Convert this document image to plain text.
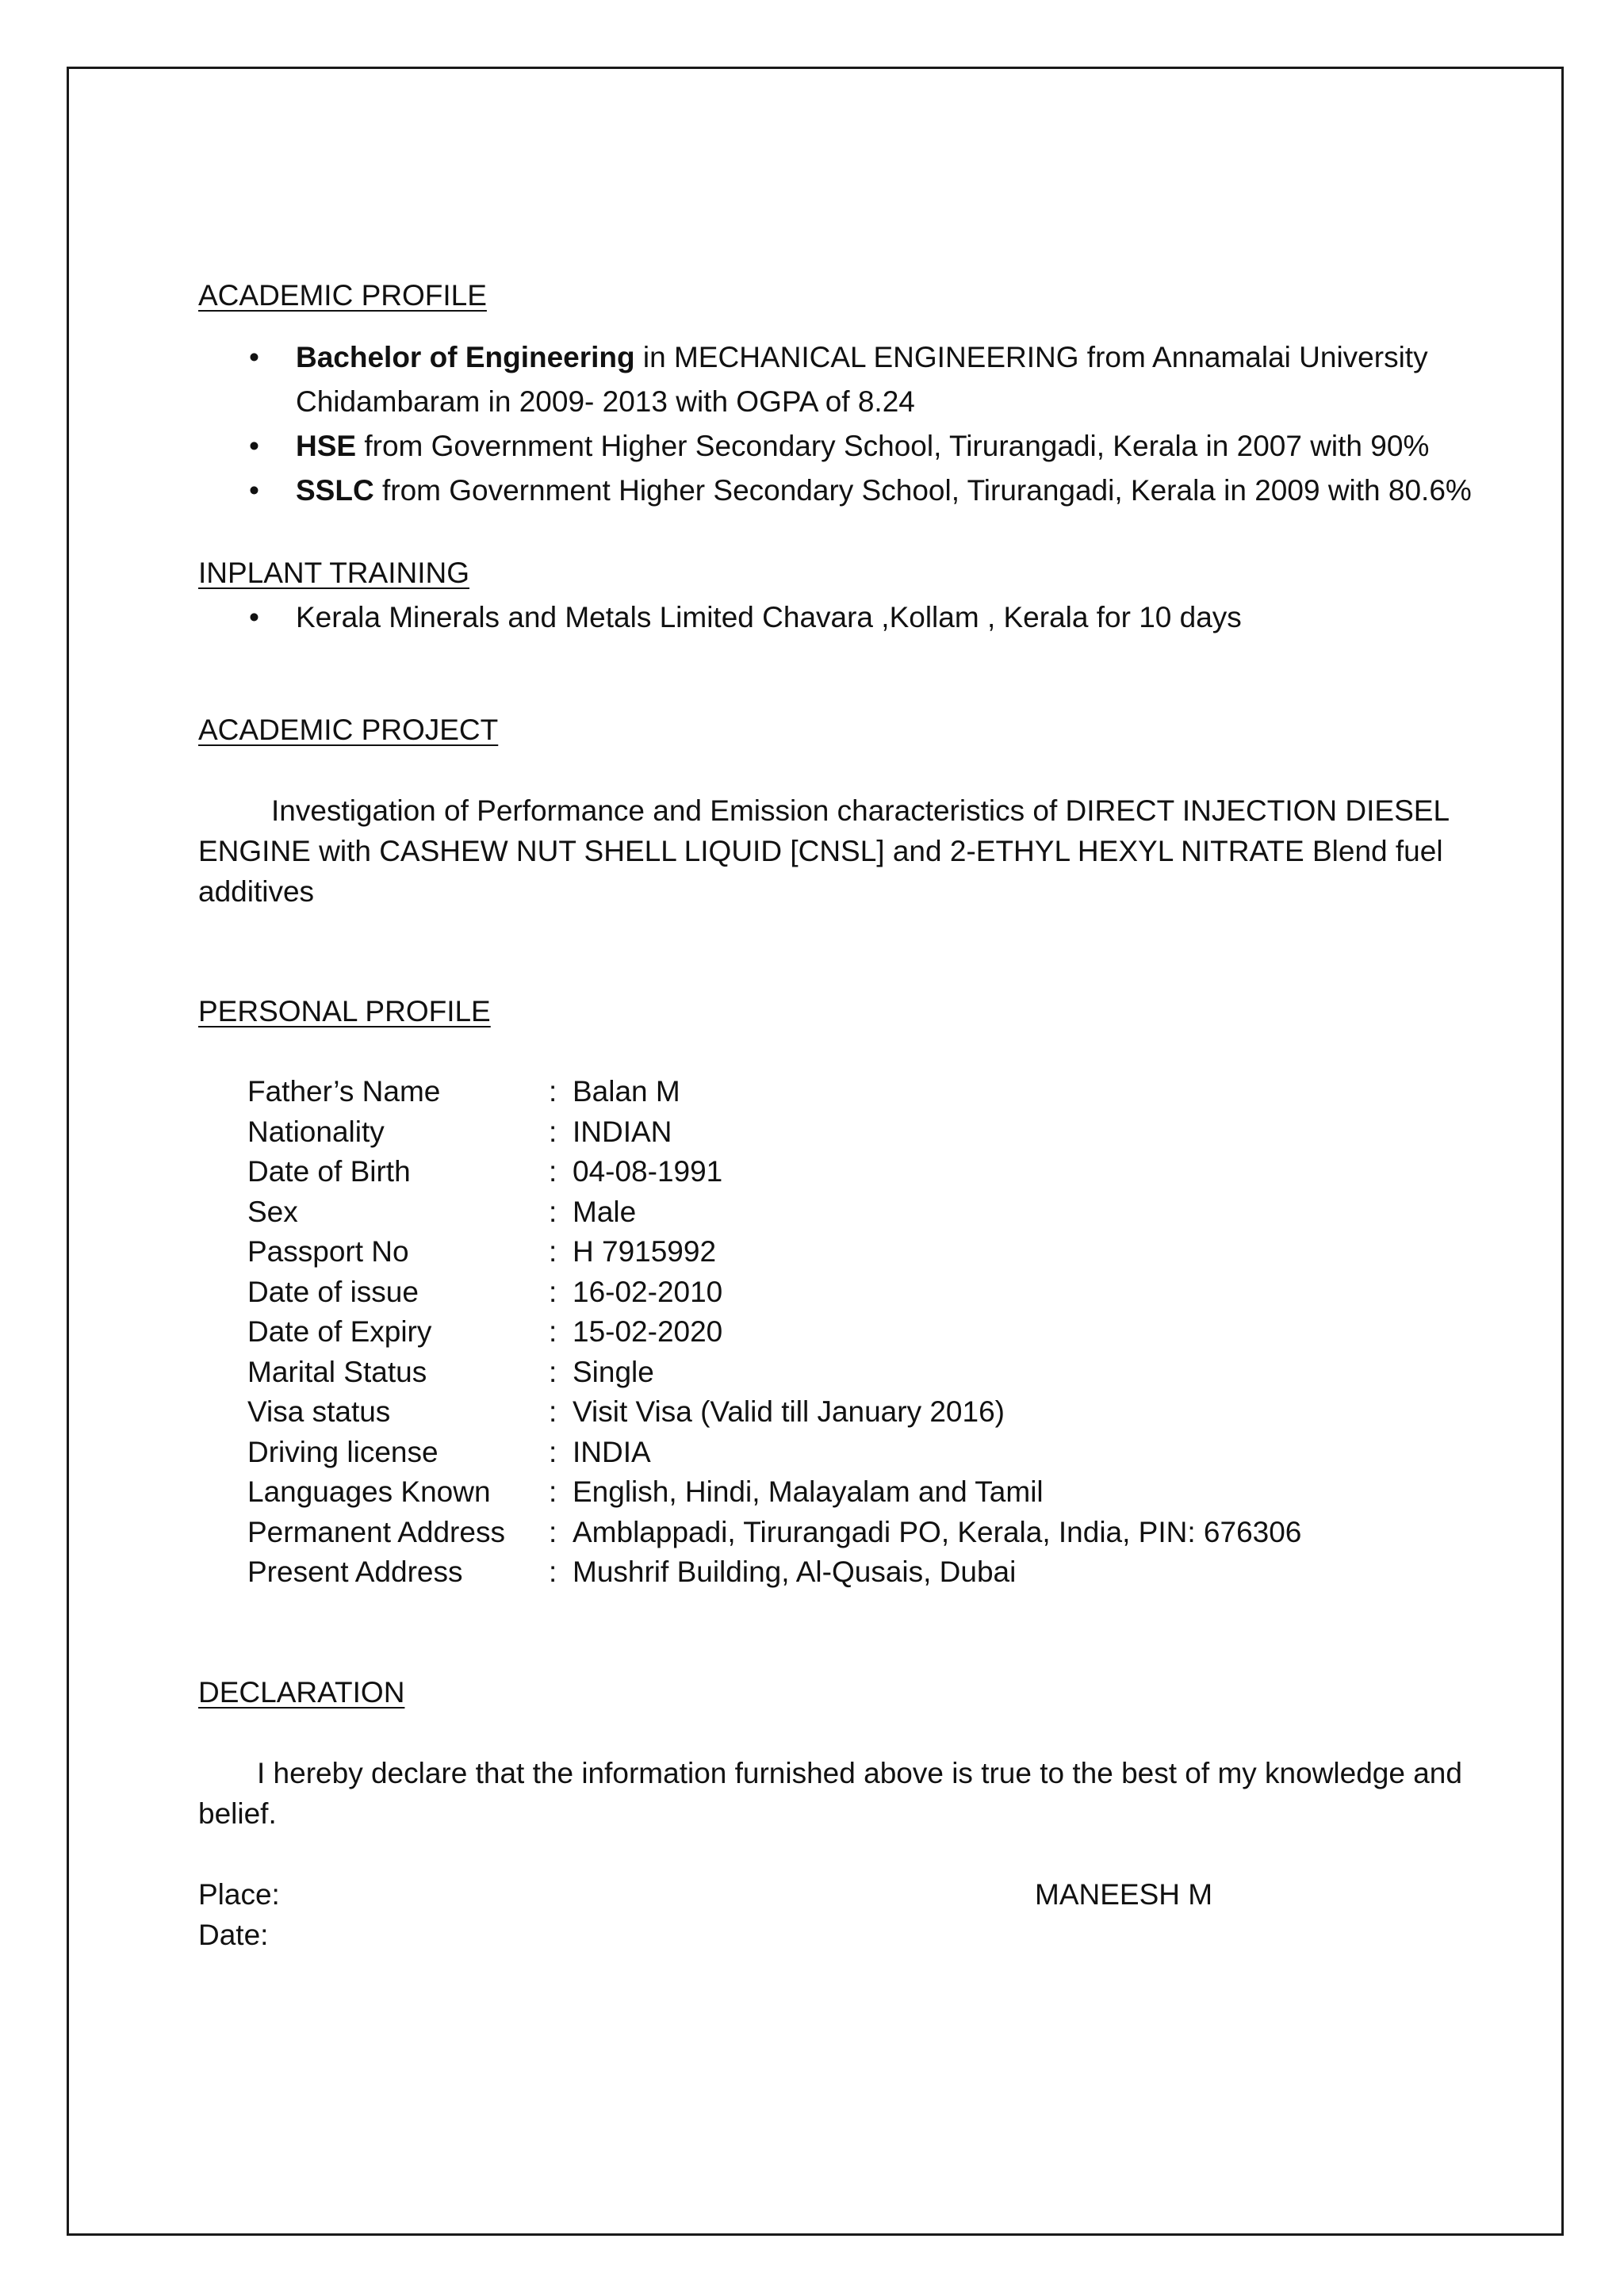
ACADEMIC PROFILE
• Bachelor of Engineering in MECHANICAL ENGINEERING from Annamalai University Chidambaram in 2009- 2013 with OGPA of 8.24
• HSE from Government Higher Secondary School, Tirurangadi, Kerala in 2007 with 90%
• SSLC from Government Higher Secondary School, Tirurangadi, Kerala in 2009 with 80.6%
INPLANT TRAINING
• Kerala Minerals and Metals Limited Chavara ,Kollam , Kerala for 10 days
ACADEMIC PROJECT
Investigation of Performance and Emission characteristics of DIRECT INJECTION DIESEL ENGINE with CASHEW NUT SHELL LIQUID [CNSL] and 2-ETHYL HEXYL NITRATE Blend fuel additives
PERSONAL PROFILE
Father’s Name	: Balan M
Nationality	: INDIAN
Date of Birth	: 04-08-1991
Sex	: Male
Passport No	: H 7915992
Date of issue	: 16-02-2010
Date of Expiry	: 15-02-2020
Marital Status	: Single
Visa status	: Visit Visa (Valid till January 2016)
Driving license	: INDIA
Languages Known	: English, Hindi, Malayalam and Tamil
Permanent Address	: Amblappadi, Tirurangadi PO, Kerala, India, PIN: 676306
Present Address	: Mushrif Building, Al-Qusais, Dubai
DECLARATION
I hereby declare that the information furnished above is true to the best of my knowledge and belief.
Place:
Date:
MANEESH M
